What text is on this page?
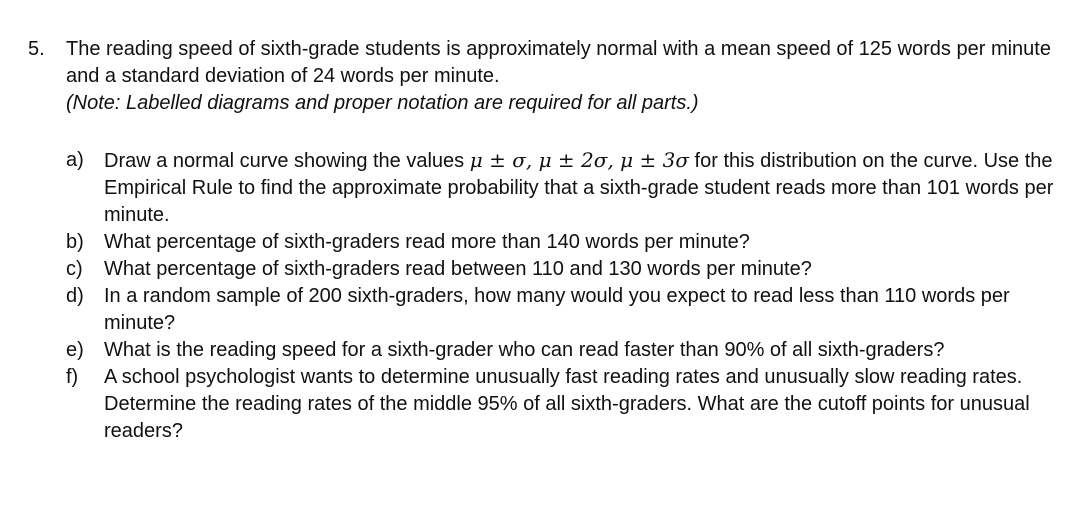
5.	The reading speed of sixth-grade students is approximately normal with a mean speed of 125 words per minute and a standard deviation of 24 words per minute.
(Note: Labelled diagrams and proper notation are required for all parts.)
a)	Draw a normal curve showing the values μ ± σ, μ ± 2σ, μ ± 3σ for this distribution on the curve. Use the Empirical Rule to find the approximate probability that a sixth-grade student reads more than 101 words per minute.
b)	What percentage of sixth-graders read more than 140 words per minute?
c)	What percentage of sixth-graders read between 110 and 130 words per minute?
d)	In a random sample of 200 sixth-graders, how many would you expect to read less than 110 words per minute?
e)	What is the reading speed for a sixth-grader who can read faster than 90% of all sixth-graders?
f)	A school psychologist wants to determine unusually fast reading rates and unusually slow reading rates. Determine the reading rates of the middle 95% of all sixth-graders. What are the cutoff points for unusual readers?
